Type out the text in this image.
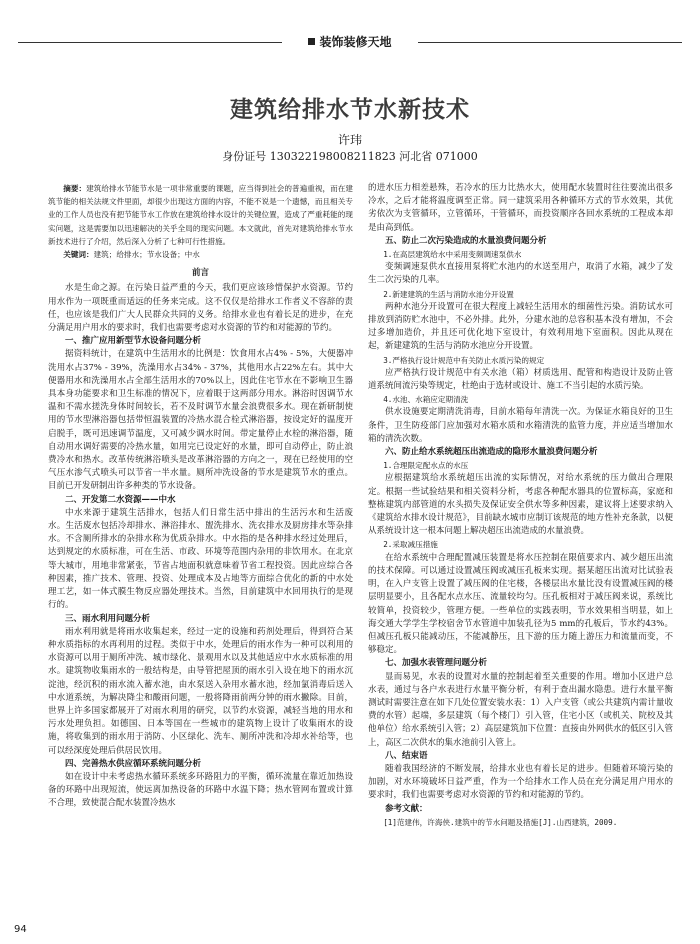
装饰装修天地
建筑给排水节水新技术
许玮
身份证号 130322198008211823 河北省 071000

摘要：建筑给排水节能节水是一项非常重要的课题，应当得到社会的普遍重视，而在建筑节能的相关法规文件里面，却很少出现这方面的内容，不能不说是一个遗憾，而且相关专业的工作人员也没有把节能节水工作放在建筑给排水设计的关键位置，造成了严重耗能的现实问题，这是需要加以迅速解决的关乎全局的现实问题。本文就此，首先对建筑给排水节水新技术进行了介绍，然后深入分析了七种可行性措施。

关键词：建筑；给排水；节水设备；中水

前言

水是生命之源。在污染日益严重的今天，我们更应该珍惜保护水资源。节约用水作为一项既重而适远的任务来完成。这不仅仅是给排水工作者义不容辞的责任，也应该是我们广大人民群众共同的义务。给排水业也有着长足的进步，在充分满足用户用水的要求时，我们也需要考虑对水资源的节约和对能源的节约。

一、推广应用新型节水设备问题分析

据资料统计，在建筑中生活用水的比例是：饮食用水占4% - 5%，大便器冲洗用水占37% - 39%，洗澡用水占34% - 37%，其他用水占22%左右。其中大便器用水和洗澡用水占全部生活用水的70%以上，因此住宅节水在不影响卫生器具本身功能要求和卫生标准的情况下，应着眼于这两部分用水。淋浴时因调节水温和不需水搓洗身体时间较长，若不及时调节水量会浪费很多水。现在新研制使用的节水型淋浴器包括带恒温装置的冷热水混合栓式淋浴器，按设定好的温度开启脱手，既可迅速调节温度，又可减少调水时间。带定量停止水栓的淋浴器，随自动用水调好需要的冷热水量，如用完已设定好的水量，即可自动停止，防止浪费冷水和热水。改革传统淋浴喷头是改革淋浴器的方向之一，现在已经使用的空气压水渗气式喷头可以节省一半水量。厕所冲洗设备的节水是建筑节水的重点。目前已开发研制出许多种类的节水设备。

二、开发第二水资源——中水

中水来源于建筑生活排水，包括人们日常生活中排出的生活污水和生活废水。生活废水包括冷却排水、淋浴排水、盥洗排水、洗衣排水及厨房排水等杂排水。不含厕所排水的杂排水称为优质杂排水。中水指的是各种排水经过处理后，达到规定的水质标准，可在生活、市政、环境等范围内杂用的非饮用水。在北京等大城市，用地非常紧张，节省占地面积就意味着节省工程投资。因此应综合各种因素，推广技术、管理、投资、处理成本及占地等方面综合优化的新的中水处理工艺，如一体式膜生物反应器处理技术。当然，目前建筑中水回用执行的是现行的。

三、雨水利用问题分析

雨水利用就是将雨水收集起来，经过一定的设施和药剂处理后，得到符合某种水质指标的水再利用的过程。类似于中水，处理后的雨水作为一种可以利用的水资源可以用于厕所冲洗、城市绿化、景观用水以及其他适应中水水质标准的用水。建筑物收集雨水的一般结构是，由导管把屋顶的雨水引入设在地下的雨水沉淀池，经沉积的雨水流入蓄水池，由水泵送入杂用水蓄水池，经加氯消毒后送入中水道系统，为解决降尘和酸雨问题，一般将降雨前两分钟的雨水撇除。目前，世界上许多国家都展开了对雨水利用的研究，以节约水资源，减轻当地的用水和污水处理负担。如德国、日本等国在一些城市的建筑物上设计了收集雨水的设施，将收集到的雨水用于消防、小区绿化、洗车、厕所冲洗和冷却水补给等，也可以经深度处理后供居民饮用。

四、完善热水供应循环系统问题分析

如在设计中未考虑热水循环系统多环路阻力的平衡，循环流量在靠近加热设备的环路中出现短流，使远离加热设备的环路中水温下降；热水管网布置或计算不合理，致使混合配水装置冷热水

的进水压力相差悬殊，若冷水的压力比热水大，使用配水装置时往往要流出很多冷水，之后才能将温度调至正常。同一建筑采用各种循环方式的节水效果，其优劣依次为支管循环，立管循环，干管循环，而投资顺序各回水系统的工程成本却是由高到低。

五、防止二次污染造成的水量浪费问题分析

1.在高层建筑给水中采用变频调速泵供水

变频调速泵供水直接用泵将贮水池内的水送至用户，取消了水箱，减少了发生二次污染的几率。

2.新建建筑的生活与消防水池分开设置

两种水池分开设置可在很大程度上减轻生活用水的细菌性污染。消防试水可排放到消防贮水池中，不必外排。此外，分建水池的总容积基本没有增加，不会过多增加造价，并且还可优化地下室设计，有效利用地下室面积。因此从现在起，新建建筑的生活与消防水池应分开设置。

3.严格执行设计规范中有关防止水质污染的规定

应严格执行设计规范中有关水池（箱）材质选用、配管和构造设计及防止管道系统间流污染等规定，杜绝由于选材或设计、施工不当引起的水质污染。

4.水池、水箱应定期清洗

供水设施要定期清洗消毒，目前水箱每年清洗一次。为保证水箱良好的卫生条件，卫生防疫部门应加强对水箱水质和水箱清洗的监管力度，并应适当增加水箱的清洗次数。

六、防止给水系统超压出流造成的隐形水量浪费问题分析

1.合理限定配水点的水压

应根据建筑给水系统超压出流的实际情况，对给水系统的压力做出合理限定。根据一些试验结果和相关资料分析，考虑各种配水器具的位置标高，家庭和整栋建筑内部管道的水头损失及保证安全供水等多种因素，建议将上述要求纳入《建筑给水排水设计规范》，目前缺水城市应制订该规范的地方性补充条款，以便从系统设计这一根本问题上解决超压出流造成的水量浪费。

2.采取减压措施

在给水系统中合理配置减压装置是将水压控制在限值要求内、减少超压出流的技术保障。可以通过设置减压阀或减压孔板来实现。据某超压出流对比试验表明，在入户支管上设置了减压阀的住宅楼，各楼层出水量比没有设置减压阀的楼层明显要小，且各配水点水压、流量较均匀。压孔板相对于减压阀来说，系统比较简单，投资较少，管理方便。一些单位的实践表明，节水效果相当明显，如上海交通大学学生学校宿舍节水管道中加装孔径为5 mm的孔板后，节水约43%。但减压孔板只能减动压，不能减静压，且下游的压力随上游压力和流量而变，不够稳定。

七、加强水表管理问题分析

显而易见，水表的设置对水量的控制起着至关重要的作用。增加小区进户总水表，通过与各户水表进行水量平衡分析，有利于查出漏水隐患。进行水量平衡测试时需要注意在如下几处位置安装水表：1）入户支管（或公共建筑内需计量收费的水管）起端，多层建筑（每个楼门）引入管，住宅小区（或机关、院校及其他单位）给水系统引入管；2）高层建筑加下位置：直接由外网供水的低区引入管上，高区二次供水的集水池前引入管上。

八、结束语

随着我国经济的不断发展，给排水业也有着长足的进步。但随着环境污染的加剧，对水环境破坏日益严重，作为一个给排水工作人员在充分满足用户用水的要求时，我们也需要考虑对水资源的节约和对能源的节约。

参考文献：

[1]范建伟，许海侠.建筑中的节水问题及措施[J].山西建筑，2009.

94
